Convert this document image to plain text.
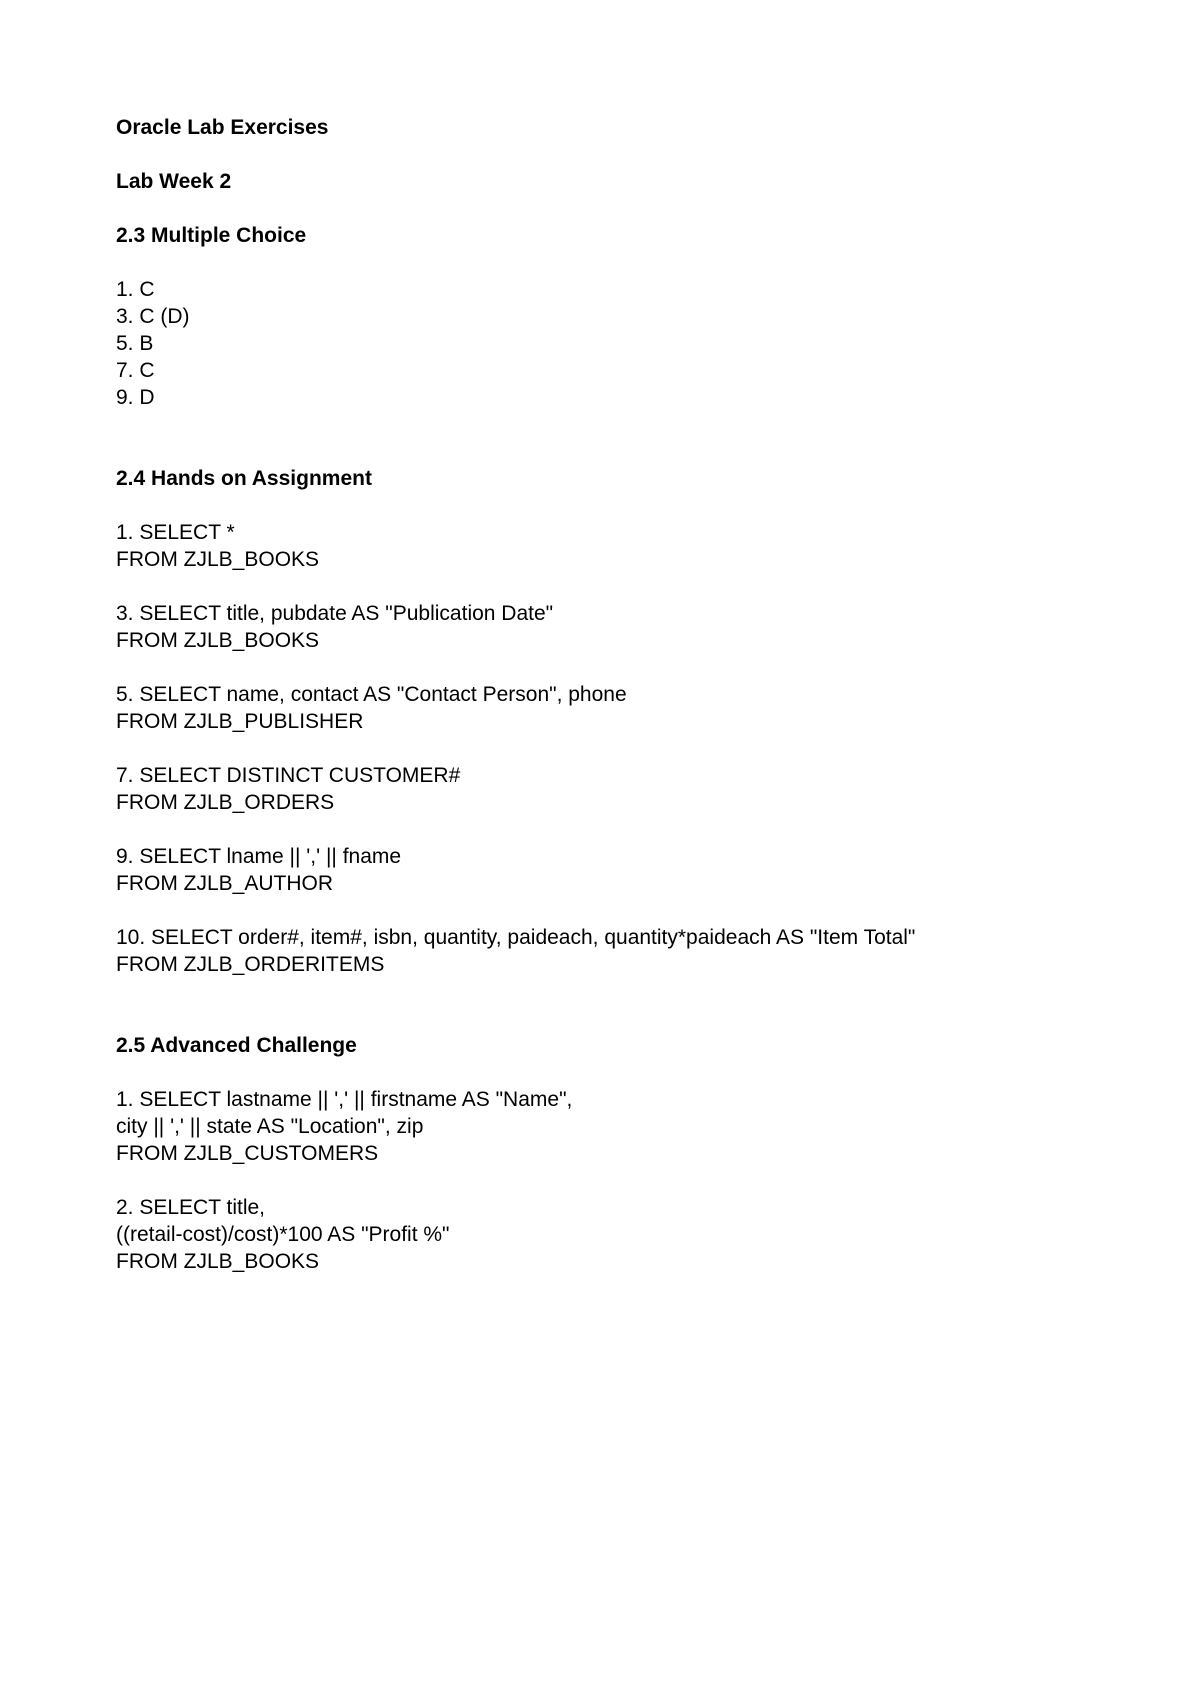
Oracle Lab Exercises
Lab Week 2
2.3 Multiple Choice
1. C
3. C (D)
5. B
7. C
9. D
2.4 Hands on Assignment
1. SELECT *
FROM ZJLB_BOOKS
3. SELECT title, pubdate AS "Publication Date"
FROM ZJLB_BOOKS
5. SELECT name, contact AS "Contact Person", phone
FROM ZJLB_PUBLISHER
7. SELECT DISTINCT CUSTOMER#
FROM ZJLB_ORDERS
9. SELECT lname || ',' || fname
FROM ZJLB_AUTHOR
10. SELECT order#, item#, isbn, quantity, paideach, quantity*paideach AS "Item Total"
FROM ZJLB_ORDERITEMS
2.5 Advanced Challenge
1. SELECT lastname || ',' || firstname AS "Name",
city || ',' || state AS "Location", zip
FROM ZJLB_CUSTOMERS
2. SELECT title,
((retail-cost)/cost)*100 AS "Profit %"
FROM ZJLB_BOOKS
